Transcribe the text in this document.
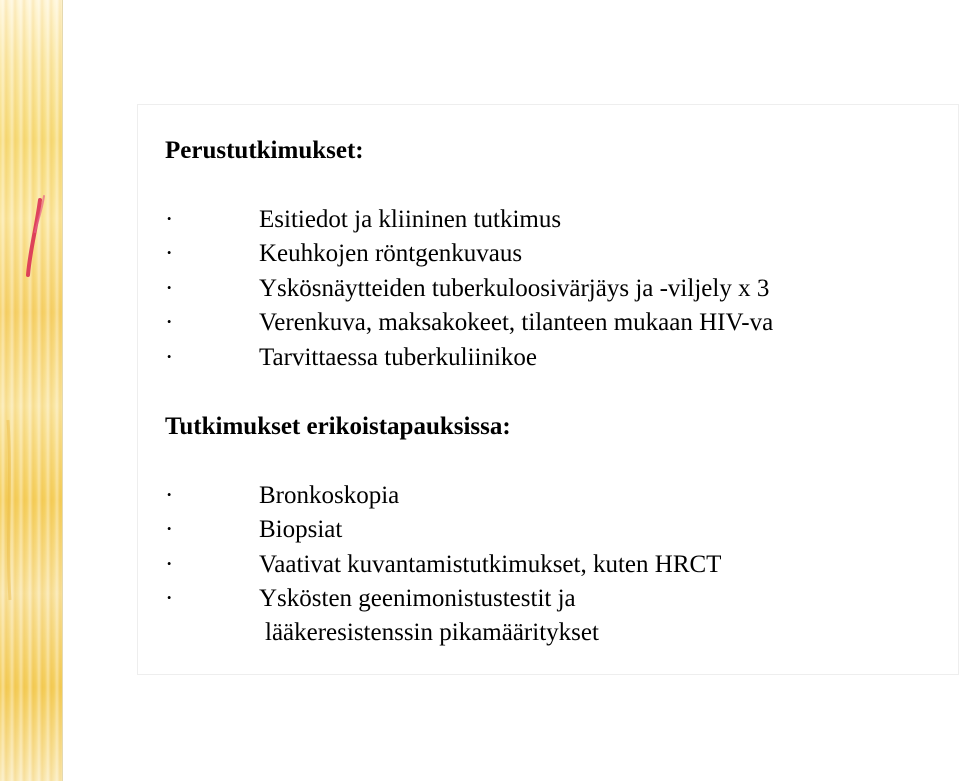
Perustutkimukset:
·	Esitiedot ja kliininen tutkimus
·	Keuhkojen röntgenkuvaus
·	Yskösnäytteiden tuberkuloosivärjäys ja -viljely x 3
·	Verenkuva, maksakokeet, tilanteen mukaan HIV-va
·	Tarvittaessa tuberkuliinikoe
Tutkimukset erikoistapauksissa:
·	Bronkoskopia
·	Biopsiat
·	Vaativat kuvantamistutkimukset, kuten HRCT
·	Yskösten geenimonistustestit ja
lääkeresistenssin pikamääritykset
